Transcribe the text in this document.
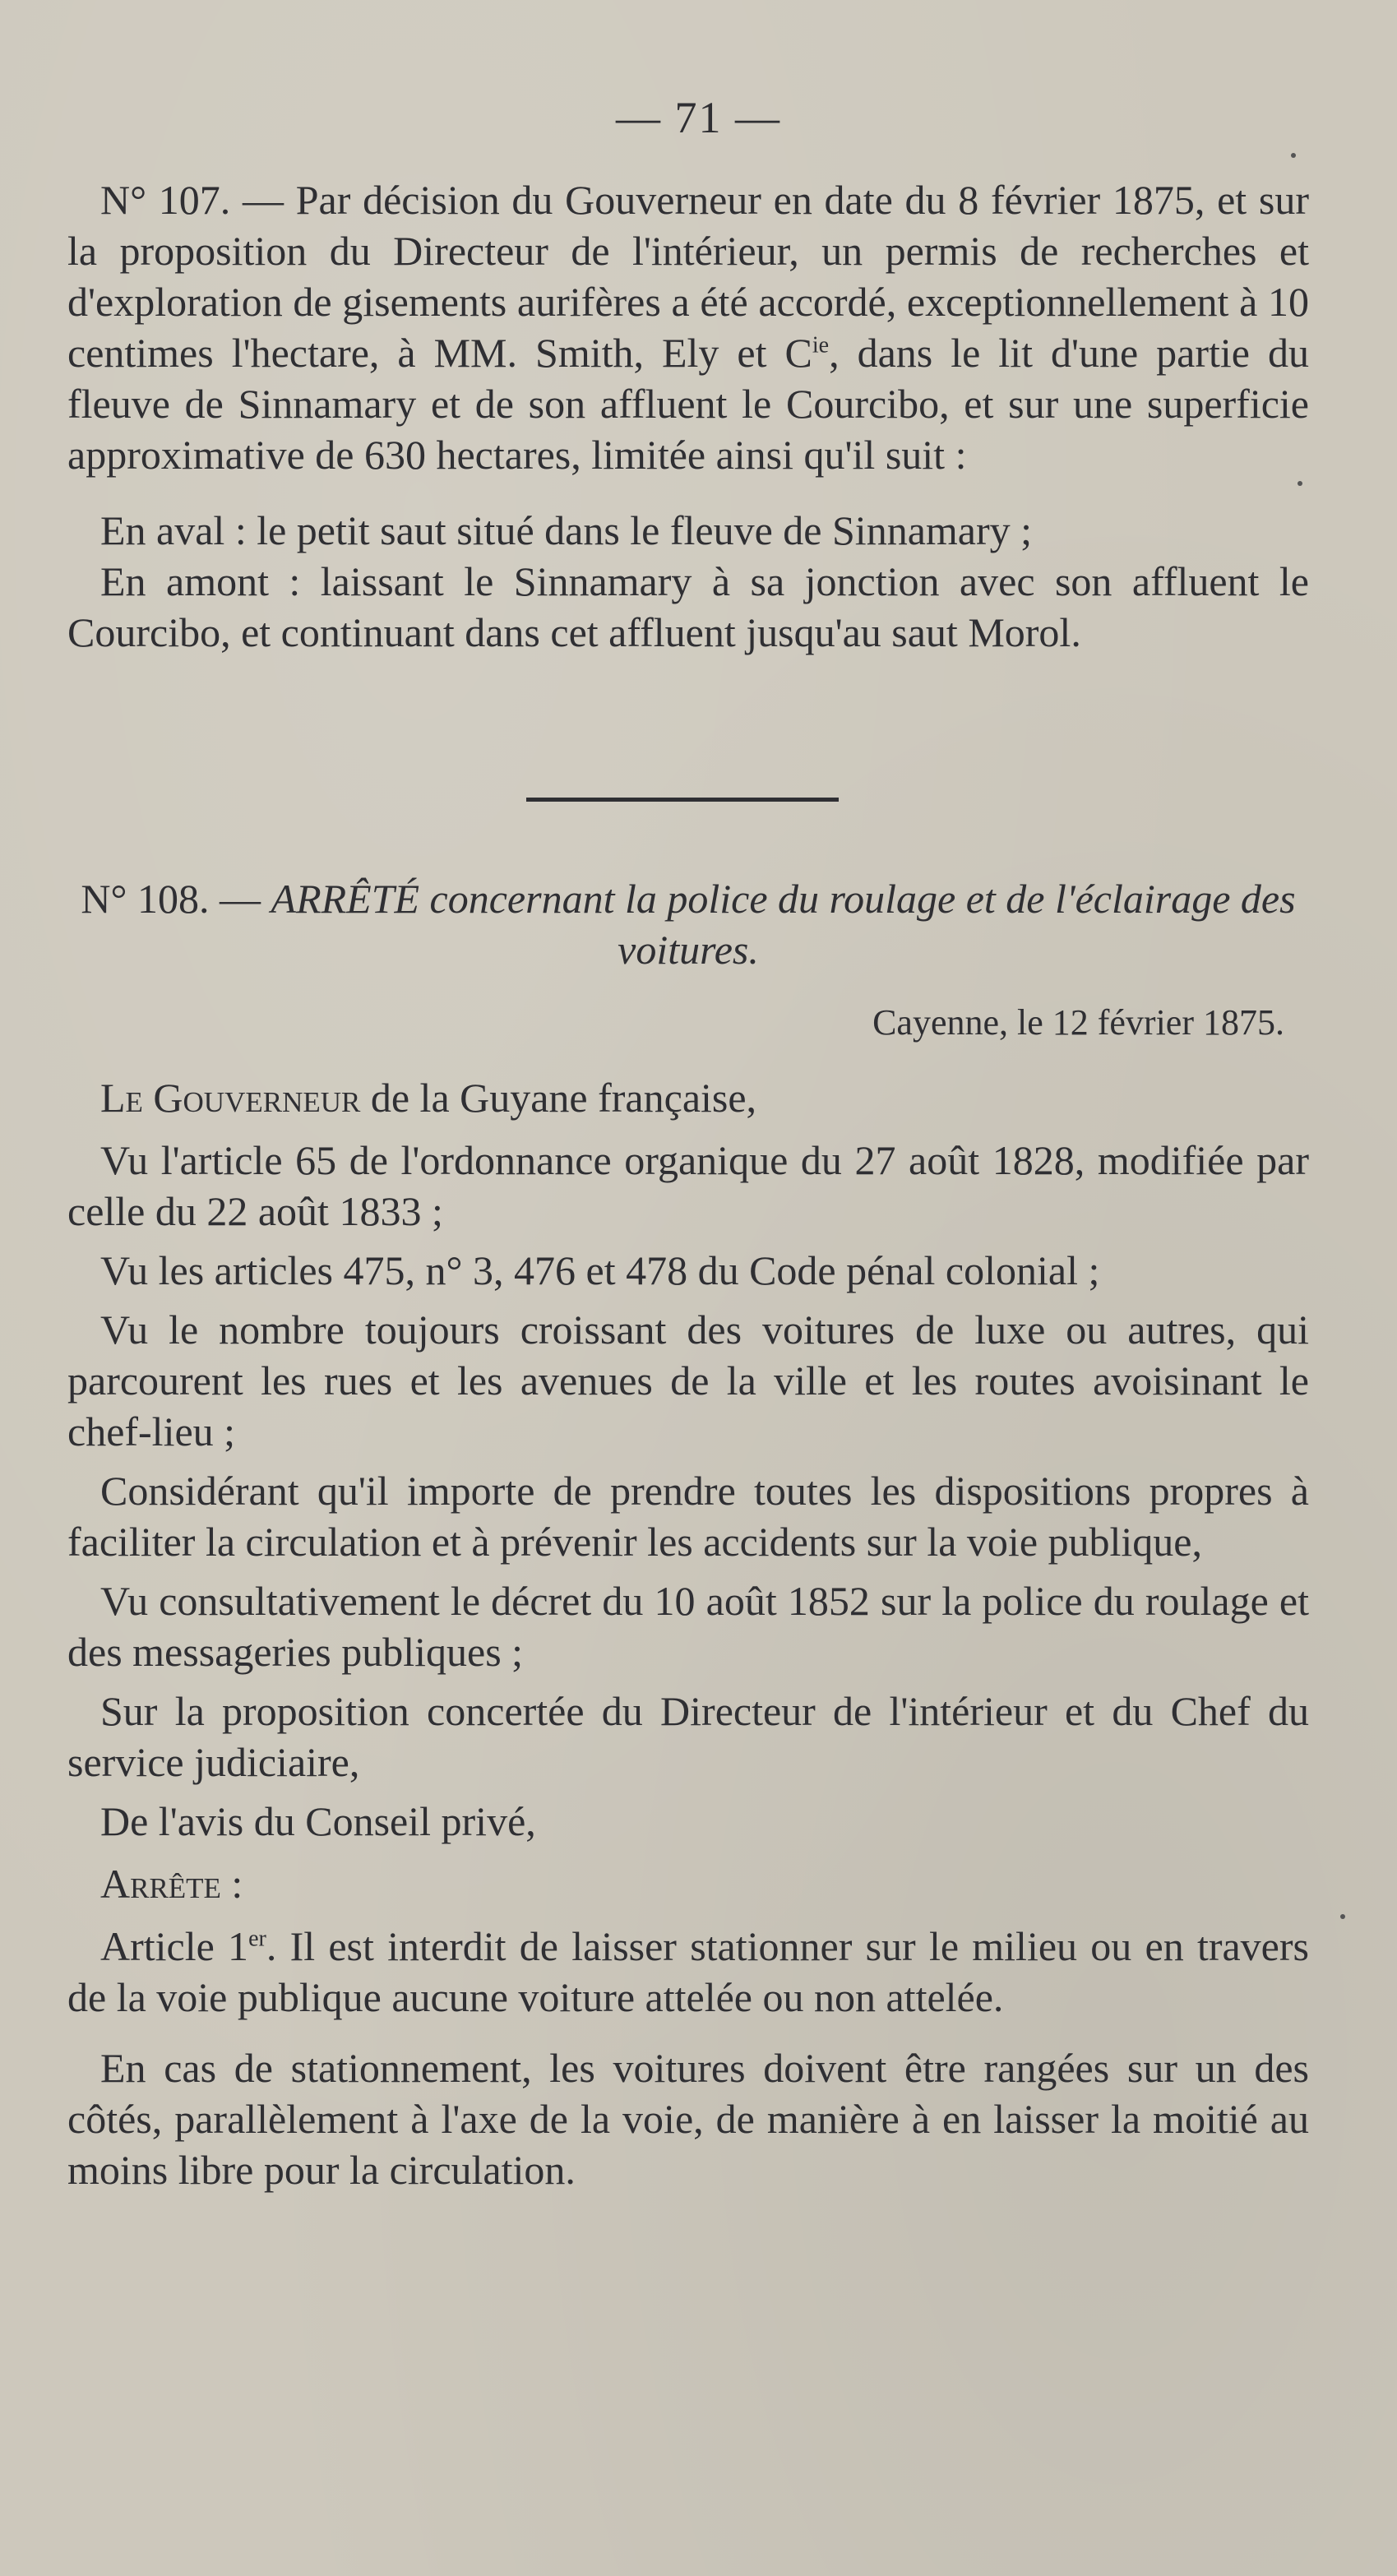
— 71 —

N° 107. — Par décision du Gouverneur en date du 8 février 1875, et sur la proposition du Directeur de l'intérieur, un permis de recherches et d'exploration de gisements aurifères a été accordé, exceptionnellement à 10 centimes l'hectare, à MM. Smith, Ely et $C^{ie}$, dans le lit d'une partie du fleuve de Sinnamary et de son affluent le Courcibo, et sur une superficie approximative de 630 hectares, limitée ainsi qu'il suit :

En aval : le petit saut situé dans le fleuve de Sinnamary ;

En amont : laissant le Sinnamary à sa jonction avec son affluent le Courcibo, et continuant dans cet affluent jusqu'au saut Morol.

N° 108. — ARRÊTÉ concernant la police du roulage et de l'éclairage des voitures.

Cayenne, le 12 février 1875.

Le Gouverneur de la Guyane française,

Vu l'article 65 de l'ordonnance organique du 27 août 1828, modifiée par celle du 22 août 1833 ;

Vu les articles 475, n° 3, 476 et 478 du Code pénal colonial ;

Vu le nombre toujours croissant des voitures de luxe ou autres, qui parcourent les rues et les avenues de la ville et les routes avoisinant le chef-lieu ;

Considérant qu'il importe de prendre toutes les dispositions propres à faciliter la circulation et à prévenir les accidents sur la voie publique,

Vu consultativement le décret du 10 août 1852 sur la police du roulage et des messageries publiques ;

Sur la proposition concertée du Directeur de l'intérieur et du Chef du service judiciaire,

De l'avis du Conseil privé,

Arrête :

Article 1er. Il est interdit de laisser stationner sur le milieu ou en travers de la voie publique aucune voiture attelée ou non attelée.

En cas de stationnement, les voitures doivent être rangées sur un des côtés, parallèlement à l'axe de la voie, de manière à en laisser la moitié au moins libre pour la circulation.
